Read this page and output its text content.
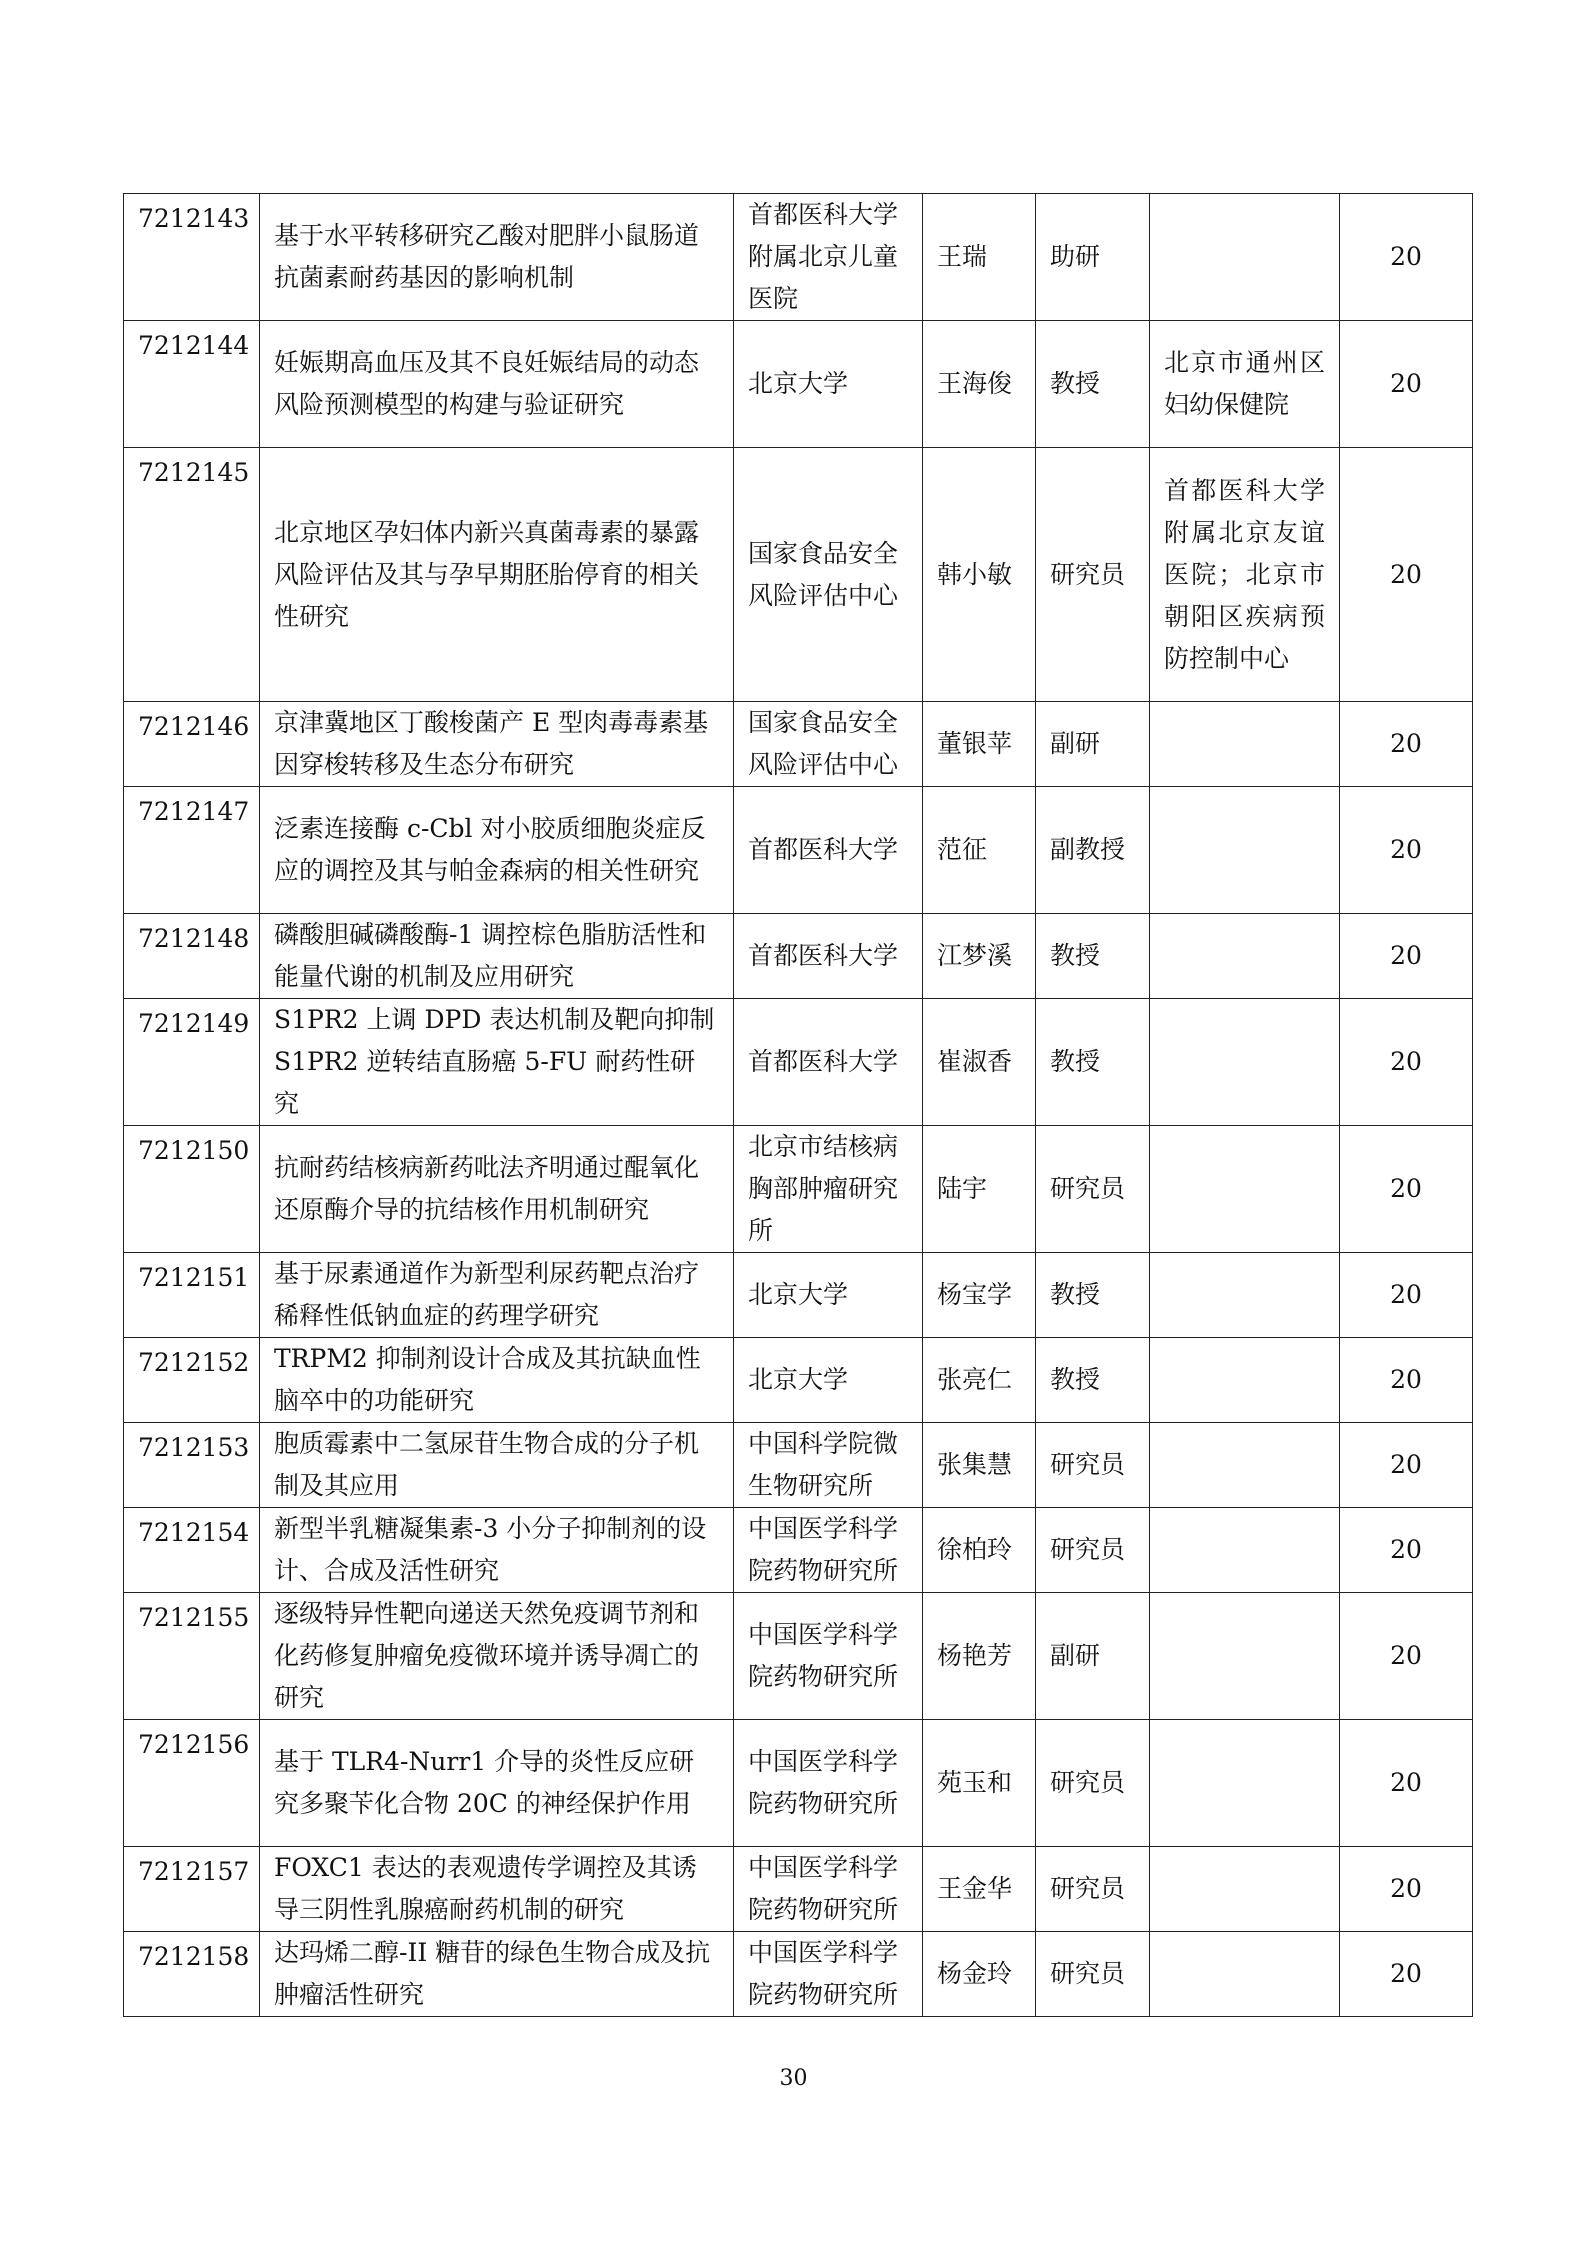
7212143	基于水平转移研究乙酸对肥胖小鼠肠道抗菌素耐药基因的影响机制	首都医科大学附属北京儿童医院	王瑞	助研		20
7212144	妊娠期高血压及其不良妊娠结局的动态风险预测模型的构建与验证研究	北京大学	王海俊	教授	北京市通州区妇幼保健院	20
7212145	北京地区孕妇体内新兴真菌毒素的暴露风险评估及其与孕早期胚胎停育的相关性研究	国家食品安全风险评估中心	韩小敏	研究员	首都医科大学附属北京友谊医院；北京市朝阳区疾病预防控制中心	20
7212146	京津冀地区丁酸梭菌产 E 型肉毒毒素基因穿梭转移及生态分布研究	国家食品安全风险评估中心	董银苹	副研		20
7212147	泛素连接酶 c-Cbl 对小胶质细胞炎症反应的调控及其与帕金森病的相关性研究	首都医科大学	范征	副教授		20
7212148	磷酸胆碱磷酸酶-1 调控棕色脂肪活性和能量代谢的机制及应用研究	首都医科大学	江梦溪	教授		20
7212149	S1PR2 上调 DPD 表达机制及靶向抑制 S1PR2 逆转结直肠癌 5-FU 耐药性研究	首都医科大学	崔淑香	教授		20
7212150	抗耐药结核病新药吡法齐明通过醌氧化还原酶介导的抗结核作用机制研究	北京市结核病胸部肿瘤研究所	陆宇	研究员		20
7212151	基于尿素通道作为新型利尿药靶点治疗稀释性低钠血症的药理学研究	北京大学	杨宝学	教授		20
7212152	TRPM2 抑制剂设计合成及其抗缺血性脑卒中的功能研究	北京大学	张亮仁	教授		20
7212153	胞质霉素中二氢尿苷生物合成的分子机制及其应用	中国科学院微生物研究所	张集慧	研究员		20
7212154	新型半乳糖凝集素-3 小分子抑制剂的设计、合成及活性研究	中国医学科学院药物研究所	徐柏玲	研究员		20
7212155	逐级特异性靶向递送天然免疫调节剂和化药修复肿瘤免疫微环境并诱导凋亡的研究	中国医学科学院药物研究所	杨艳芳	副研		20
7212156	基于 TLR4-Nurr1 介导的炎性反应研究多聚苄化合物 20C 的神经保护作用	中国医学科学院药物研究所	苑玉和	研究员		20
7212157	FOXC1 表达的表观遗传学调控及其诱导三阴性乳腺癌耐药机制的研究	中国医学科学院药物研究所	王金华	研究员		20
7212158	达玛烯二醇-II 糖苷的绿色生物合成及抗肿瘤活性研究	中国医学科学院药物研究所	杨金玲	研究员		20
30
